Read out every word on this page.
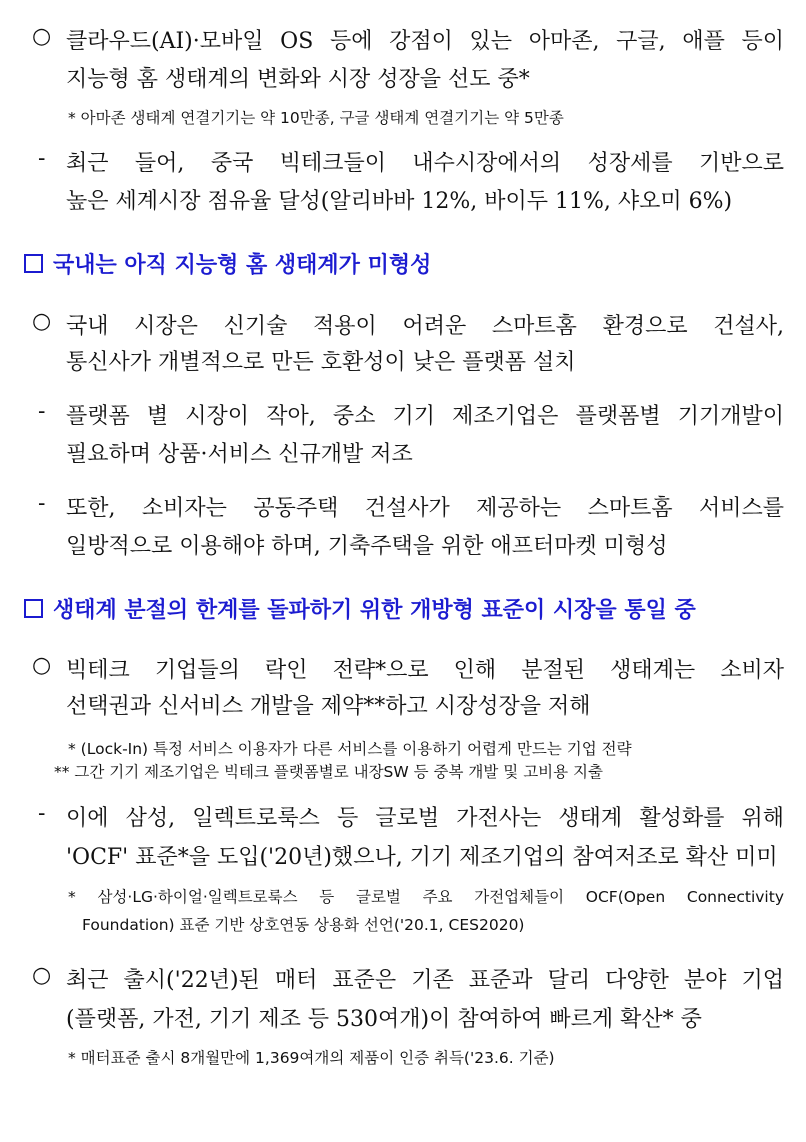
○ 클라우드(AI)·모바일 OS 등에 강점이 있는 아마존, 구글, 애플 등이
지능형 홈 생태계의 변화와 시장 성장을 선도 중*
* 아마존 생태계 연결기기는 약 10만종, 구글 생태계 연결기기는 약 5만종
- 최근 들어, 중국 빅테크들이 내수시장에서의 성장세를 기반으로
높은 세계시장 점유율 달성(알리바바 12%, 바이두 11%, 샤오미 6%)
국내는 아직 지능형 홈 생태계가 미형성
○ 국내 시장은 신기술 적용이 어려운 스마트홈 환경으로 건설사,
통신사가 개별적으로 만든 호환성이 낮은 플랫폼 설치
- 플랫폼 별 시장이 작아, 중소 기기 제조기업은 플랫폼별 기기개발이
필요하며 상품·서비스 신규개발 저조
- 또한, 소비자는 공동주택 건설사가 제공하는 스마트홈 서비스를
일방적으로 이용해야 하며, 기축주택을 위한 애프터마켓 미형성
생태계 분절의 한계를 돌파하기 위한 개방형 표준이 시장을 통일 중
○ 빅테크 기업들의 락인 전략*으로 인해 분절된 생태계는 소비자
선택권과 신서비스 개발을 제약**하고 시장성장을 저해
* (Lock-In) 특정 서비스 이용자가 다른 서비스를 이용하기 어렵게 만드는 기업 전략
** 그간 기기 제조기업은 빅테크 플랫폼별로 내장SW 등 중복 개발 및 고비용 지출
- 이에 삼성, 일렉트로룩스 등 글로벌 가전사는 생태계 활성화를 위해
'OCF' 표준*을 도입('20년)했으나, 기기 제조기업의 참여저조로 확산 미미
* 삼성·LG·하이얼·일렉트로룩스 등 글로벌 주요 가전업체들이 OCF(Open Connectivity
Foundation) 표준 기반 상호연동 상용화 선언('20.1, CES2020)
○ 최근 출시('22년)된 매터 표준은 기존 표준과 달리 다양한 분야 기업
(플랫폼, 가전, 기기 제조 등 530여개)이 참여하여 빠르게 확산* 중
* 매터표준 출시 8개월만에 1,369여개의 제품이 인증 취득('23.6. 기준)
